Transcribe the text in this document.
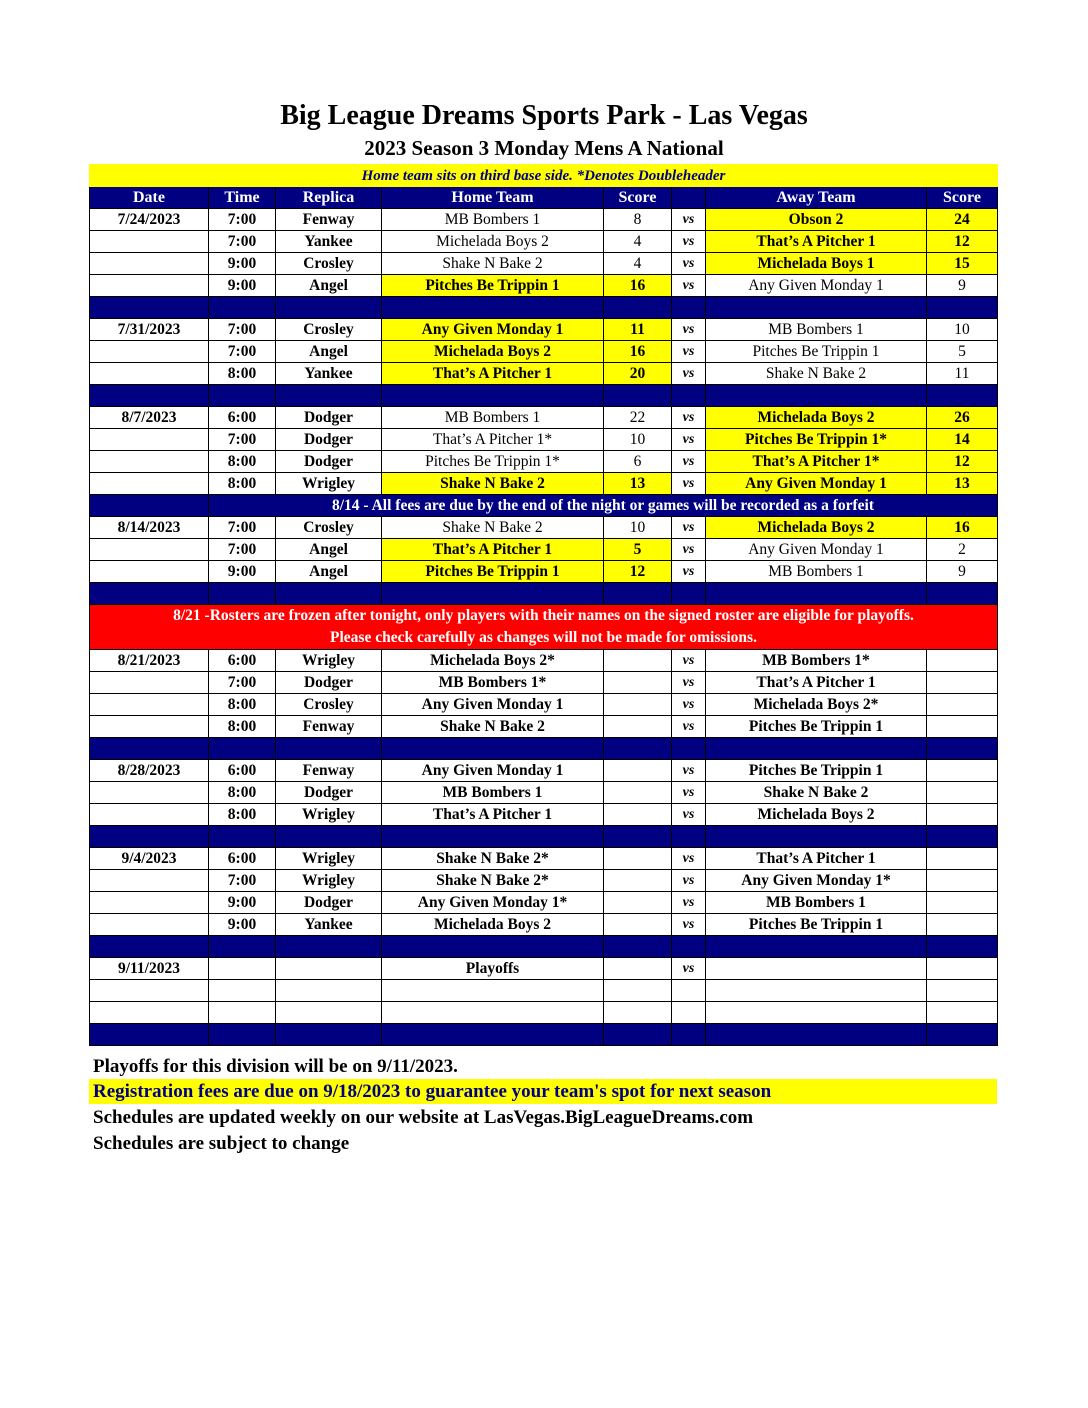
Big League Dreams Sports Park - Las Vegas
2023 Season 3 Monday Mens A National
Home team sits on third base side. *Denotes Doubleheader							
Date	Time	Replica	Home Team	Score		Away Team	Score
7/24/2023	7:00	Fenway	MB Bombers 1	8	vs	Obson 2	24
	7:00	Yankee	Michelada Boys 2	4	vs	That’s A Pitcher 1	12
	9:00	Crosley	Shake N Bake 2	4	vs	Michelada Boys 1	15
	9:00	Angel	Pitches Be Trippin 1	16	vs	Any Given Monday 1	9

7/31/2023	7:00	Crosley	Any Given Monday 1	11	vs	MB Bombers 1	10
	7:00	Angel	Michelada Boys 2	16	vs	Pitches Be Trippin 1	5
	8:00	Yankee	That’s A Pitcher 1	20	vs	Shake N Bake 2	11

8/7/2023	6:00	Dodger	MB Bombers 1	22	vs	Michelada Boys 2	26
	7:00	Dodger	That’s A Pitcher 1*	10	vs	Pitches Be Trippin 1*	14
	8:00	Dodger	Pitches Be Trippin 1*	6	vs	That’s A Pitcher 1*	12
	8:00	Wrigley	Shake N Bake 2	13	vs	Any Given Monday 1	13
	8/14 - All fees are due by the end of the night or games will be recorded as a forfeit						
8/14/2023	7:00	Crosley	Shake N Bake 2	10	vs	Michelada Boys 2	16
	7:00	Angel	That’s A Pitcher 1	5	vs	Any Given Monday 1	2
	9:00	Angel	Pitches Be Trippin 1	12	vs	MB Bombers 1	9

8/21 -Rosters are frozen after tonight, only players with their names on the signed roster are eligible for playoffs.
Please check carefully as changes will not be made for omissions.							

8/21/2023	6:00	Wrigley	Michelada Boys 2*		vs	MB Bombers 1*	
	7:00	Dodger	MB Bombers 1*		vs	That’s A Pitcher 1	
	8:00	Crosley	Any Given Monday 1		vs	Michelada Boys 2*	
	8:00	Fenway	Shake N Bake 2		vs	Pitches Be Trippin 1	

8/28/2023	6:00	Fenway	Any Given Monday 1		vs	Pitches Be Trippin 1	
	8:00	Dodger	MB Bombers 1		vs	Shake N Bake 2	
	8:00	Wrigley	That’s A Pitcher 1		vs	Michelada Boys 2	

9/4/2023	6:00	Wrigley	Shake N Bake 2*		vs	That’s A Pitcher 1	
	7:00	Wrigley	Shake N Bake 2*		vs	Any Given Monday 1*	
	9:00	Dodger	Any Given Monday 1*		vs	MB Bombers 1	
	9:00	Yankee	Michelada Boys 2		vs	Pitches Be Trippin 1	

9/11/2023			Playoffs		vs		

Playoffs for this division will be on 9/11/2023.
Registration fees are due on 9/18/2023 to guarantee your team's spot for next season
Schedules are updated weekly on our website at LasVegas.BigLeagueDreams.com
Schedules are subject to change
